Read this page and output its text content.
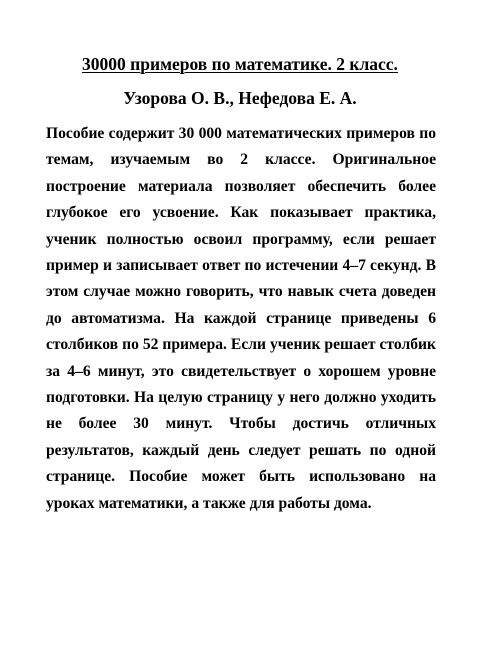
30000 примеров по математике. 2 класс.
Узорова О. В., Нефедова Е. А.

Пособие содержит 30 000 математических примеров по темам, изучаемым во 2 классе. Оригинальное построение материала позволяет обеспечить более глубокое его усвоение. Как показывает практика, ученик полностью освоил программу, если решает пример и записывает ответ по истечении 4–7 секунд. В этом случае можно говорить, что навык счета доведен до автоматизма. На каждой странице приведены 6 столбиков по 52 примера. Если ученик решает столбик за 4–6 минут, это свидетельствует о хорошем уровне подготовки. На целую страницу у него должно уходить не более 30 минут. Чтобы достичь отличных результатов, каждый день следует решать по одной странице. Пособие может быть использовано на уроках математики, а также для работы дома.
